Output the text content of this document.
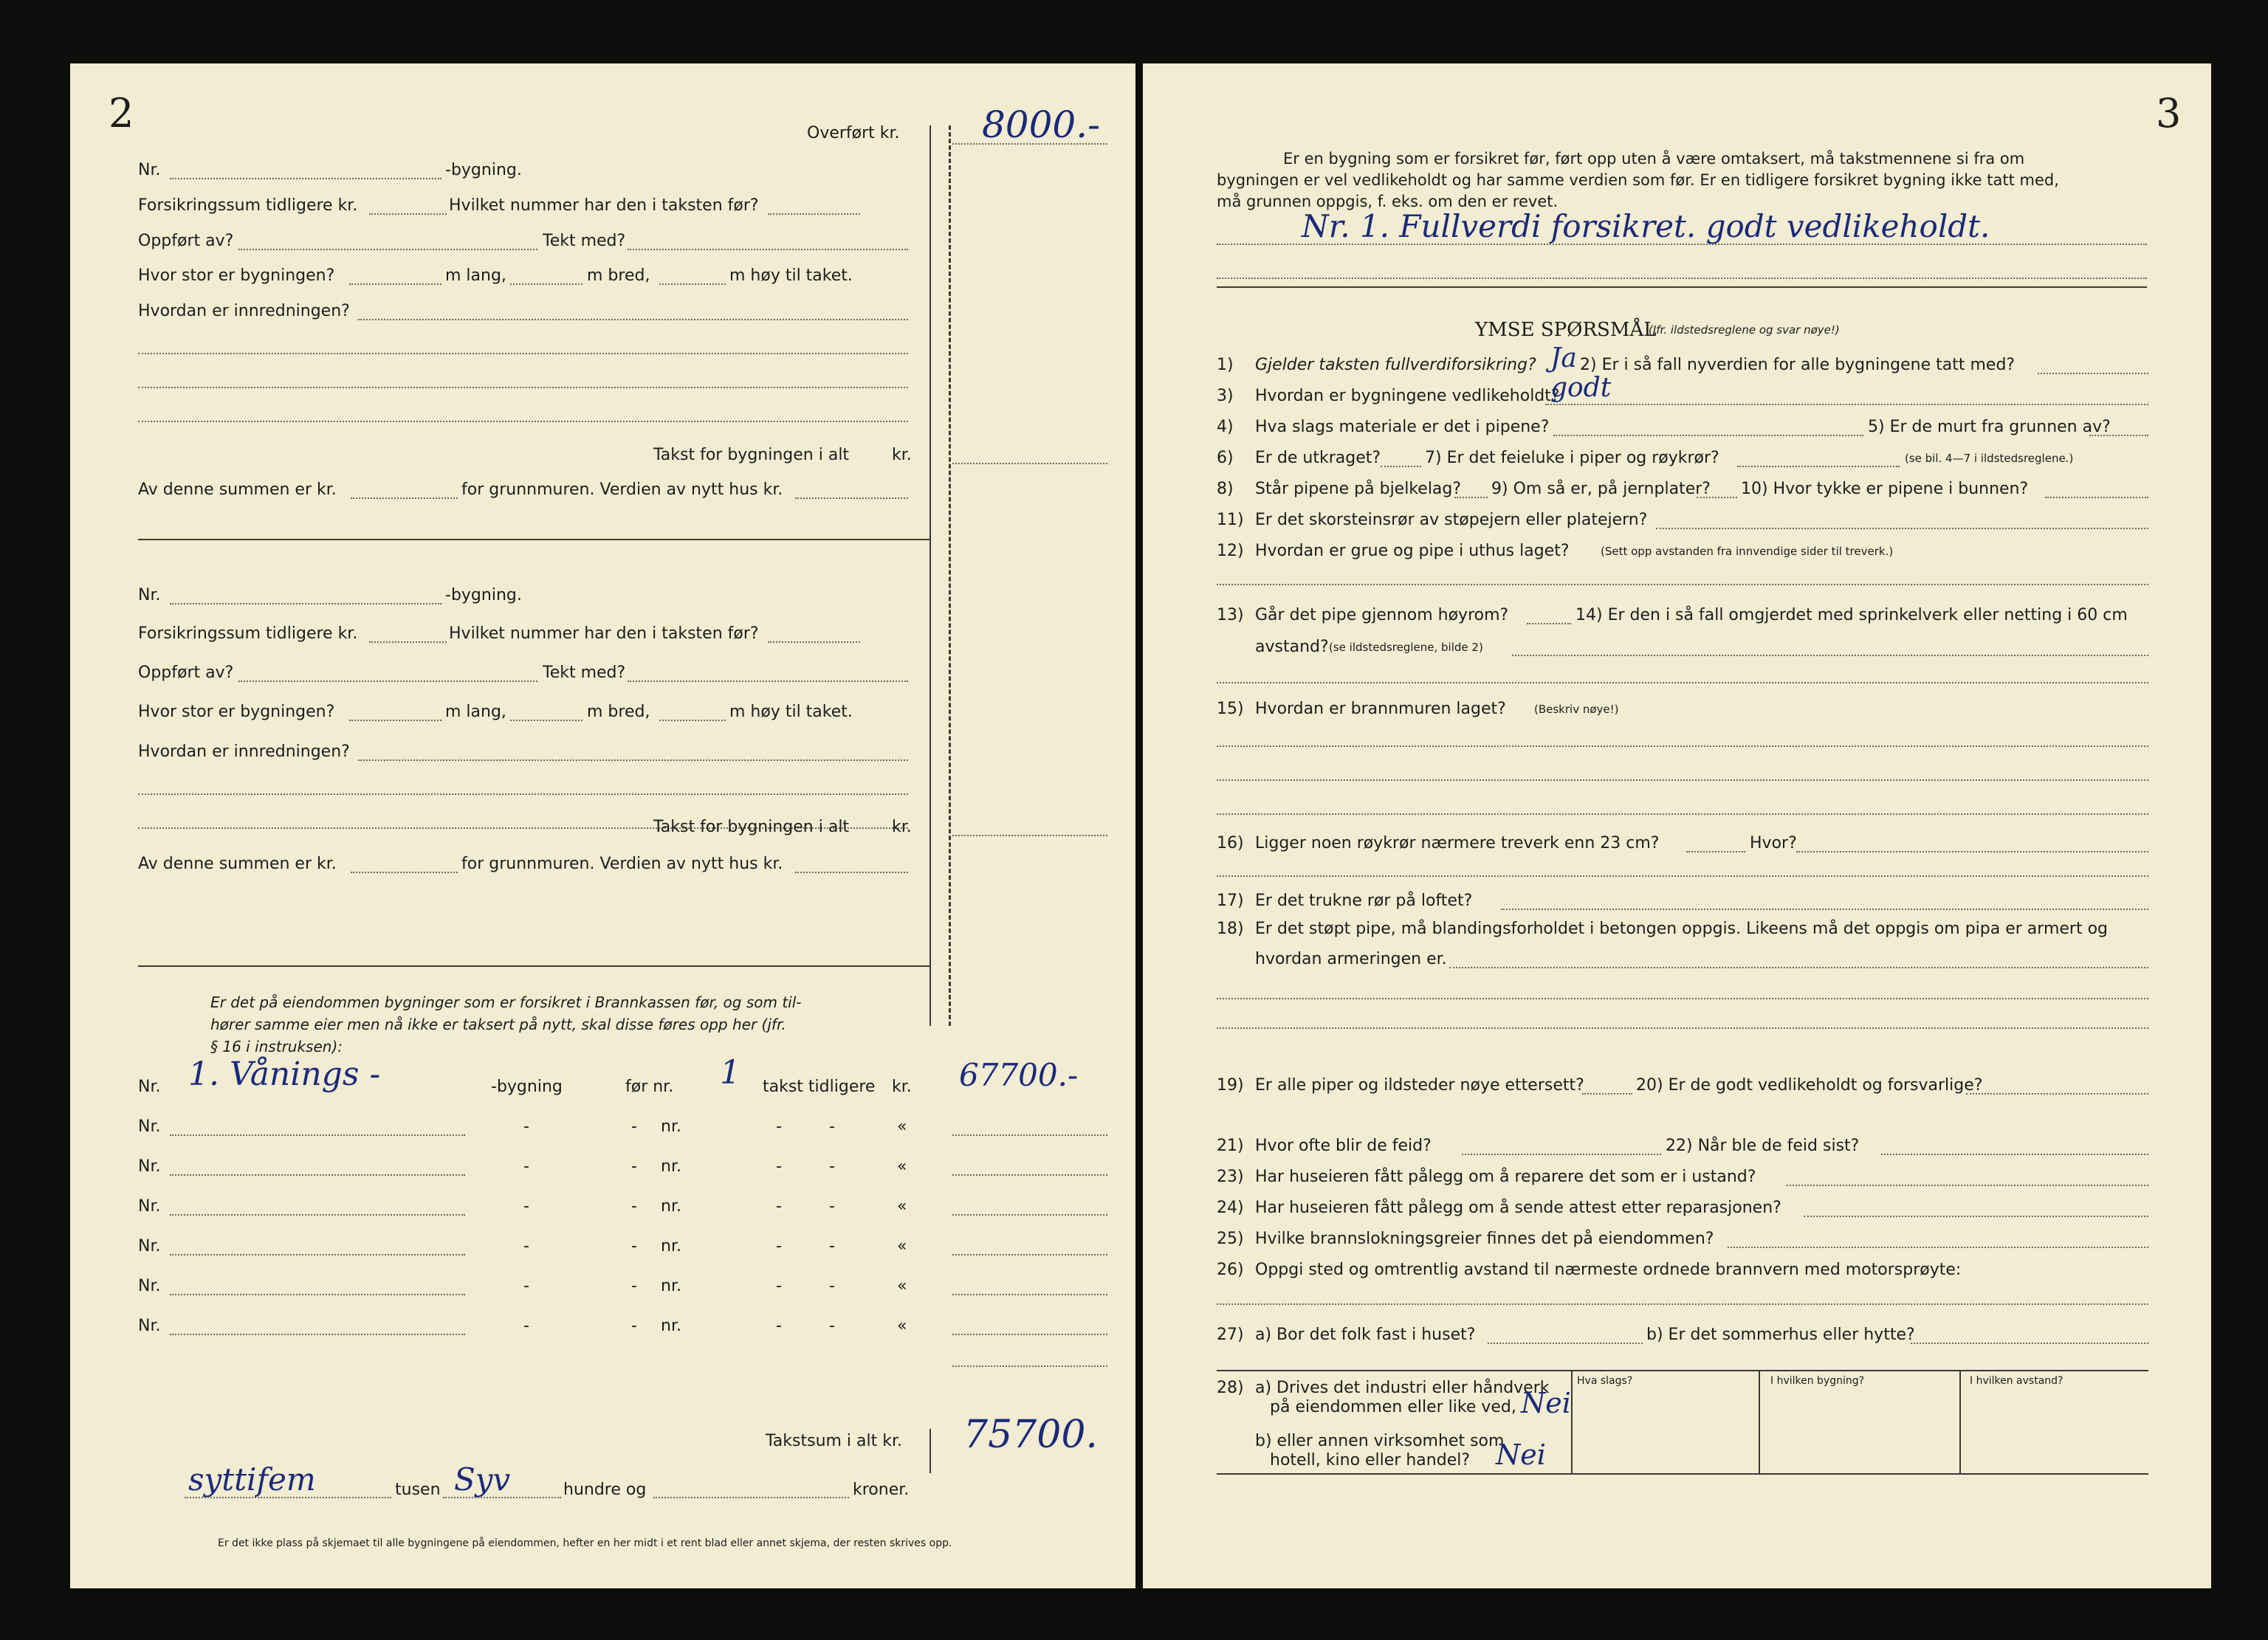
2	Overført kr. 8000.-
Nr.	-bygning.
Forsikringssum tidligere kr.	Hvilket nummer har den i taksten før?
Oppført av?	Tekt med?
Hvor stor er bygningen?	m lang,	m bred,	m høy til taket.
Hvordan er innredningen?
Takst for bygningen i alt	kr.
Av denne summen er kr.	for grunnmuren. Verdien av nytt hus kr.
Nr.	-bygning.
Forsikringssum tidligere kr.	Hvilket nummer har den i taksten før?
Oppført av?	Tekt med?
Hvor stor er bygningen?	m lang,	m bred,	m høy til taket.
Hvordan er innredningen?
Takst for bygningen i alt	kr.
Av denne summen er kr.	for grunnmuren. Verdien av nytt hus kr.
Er det på eiendommen bygninger som er forsikret i Brannkassen før, og som til-
hører samme eier men nå ikke er taksert på nytt, skal disse føres opp her (jfr.
§ 16 i instruksen):
Nr. 1. Vånings -	-bygning	før nr. 1 takst tidligere kr. 67700.-
Nr.	-	- nr.	-	-	«
Nr.	-	- nr.	-	-	«
Nr.	-	- nr.	-	-	«
Nr.	-	- nr.	-	-	«
Nr.	-	- nr.	-	-	«
Nr.	-	- nr.	-	-	«
Takstsum i alt kr. 75700.
syttifem	tusen Syv	hundre og	kroner.
Er det ikke plass på skjemaet til alle bygningene på eiendommen, hefter en her midt i et rent blad eller annet skjema, der resten skrives opp.
3
Er en bygning som er forsikret før, ført opp uten å være omtaksert, må takstmennene si fra om
bygningen er vel vedlikeholdt og har samme verdien som før. Er en tidligere forsikret bygning ikke tatt med,
må grunnen oppgis, f. eks. om den er revet.
Nr. 1. Fullverdi forsikret. godt vedlikeholdt.
YMSE SPØRSMÅL
(Jfr. ildstedsreglene og svar nøye!)
1) Gjelder taksten fullverdiforsikring? Ja 2) Er i så fall nyverdien for alle bygningene tatt med?
3) Hvordan er bygningene vedlikeholdt?
godt
4) Hva slags materiale er det i pipene?	5) Er de murt fra grunnen av?
6) Er de utkraget?	7) Er det feieluke i piper og røykrør?	(se bil. 4—7 i ildstedsreglene.)
8) Står pipene på bjelkelag? 9) Om så er, på jernplater? 10) Hvor tykke er pipene i bunnen?
11) Er det skorsteinsrør av støpejern eller platejern?
12) Hvordan er grue og pipe i uthus laget?	(Sett opp avstanden fra innvendige sider til treverk.)
13) Går det pipe gjennom høyrom?	14) Er den i så fall omgjerdet med sprinkelverk eller netting i 60 cm
avstand? (se ildstedsreglene, bilde 2)
15) Hvordan er brannmuren laget?	(Beskriv nøye!)
16) Ligger noen røykrør nærmere treverk enn 23 cm?	Hvor?
17) Er det trukne rør på loftet?
18) Er det støpt pipe, må blandingsforholdet i betongen oppgis. Likeens må det oppgis om pipa er armert og
hvordan armeringen er.
19) Er alle piper og ildsteder nøye ettersett?	20) Er de godt vedlikeholdt og forsvarlige?
21) Hvor ofte blir de feid?	22) Når ble de feid sist?
23) Har huseieren fått pålegg om å reparere det som er i ustand?
24) Har huseieren fått pålegg om å sende attest etter reparasjonen?
25) Hvilke brannslokningsgreier finnes det på eiendommen?
26) Oppgi sted og omtrentlig avstand til nærmeste ordnede brannvern med motorsprøyte:
27) a) Bor det folk fast i huset?	b) Er det sommerhus eller hytte?
Hva slags?	I hvilken bygning?	I hvilken avstand?
28) a) Drives det industri eller håndverk
på eiendommen eller like ved, Nei
b) eller annen virksomhet som
hotell, kino eller handel? Nei
